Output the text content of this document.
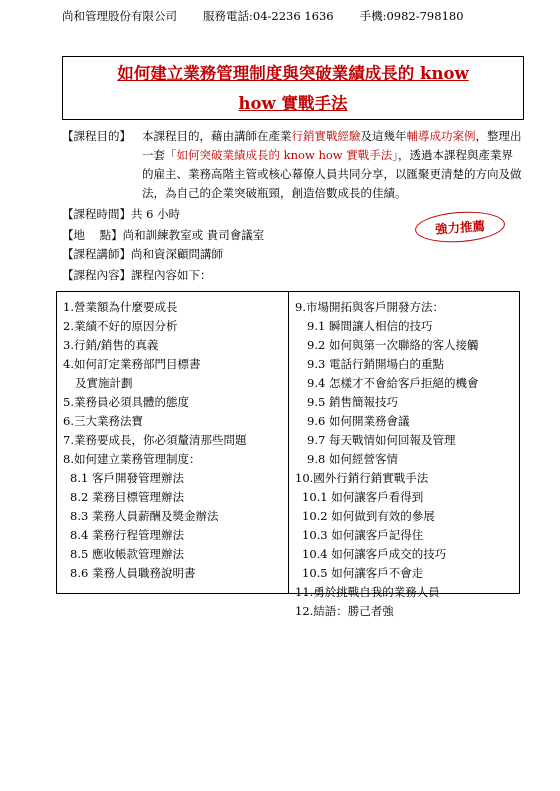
尚和管理股份有限公司 服務電話:04-2236 1636 手機:0982-798180
如何建立業務管理制度與突破業績成長的 know
how 實戰手法
【課程目的】 本課程目的，藉由講師在產業行銷實戰經驗及這幾年輔導成功案例，整理出一套「如何突破業績成長的 know how 實戰手法」，透過本課程與產業界的雇主、業務高階主管或核心幕僚人員共同分享，以匯聚更清楚的方向及做法，為自己的企業突破瓶頸，創造倍數成長的佳績。
【課程時間】共 6 小時
強力推薦
【地    點】尚和訓練教室或 貴司會議室
【課程講師】尚和資深顧問講師
【課程內容】課程內容如下：
1.營業額為什麼要成長
2.業績不好的原因分析
3.行銷/銷售的真義
4.如何訂定業務部門目標書
及實施計劃
5.業務員必須具體的態度
6.三大業務法寶
7.業務要成長，你必須釐清那些問題
8.如何建立業務管理制度：
8.1 客戶開發管理辦法
8.2 業務目標管理辦法
8.3 業務人員薪酬及獎金辦法
8.4 業務行程管理辦法
8.5 應收帳款管理辦法
8.6 業務人員職務說明書
9.市場開拓與客戶開發方法：
9.1 瞬間讓人相信的技巧
9.2 如何與第一次聯絡的客人接觸
9.3 電話行銷開場白的重點
9.4 怎樣才不會給客戶拒絕的機會
9.5 銷售簡報技巧
9.6 如何開業務會議
9.7 每天戰情如何回報及管理
9.8 如何經營客情
10.國外行銷行銷實戰手法
10.1 如何讓客戶看得到
10.2 如何做到有效的參展
10.3 如何讓客戶記得住
10.4 如何讓客戶成交的技巧
10.5 如何讓客戶不會走
11.勇於挑戰自我的業務人員
12.結語：勝己者強
